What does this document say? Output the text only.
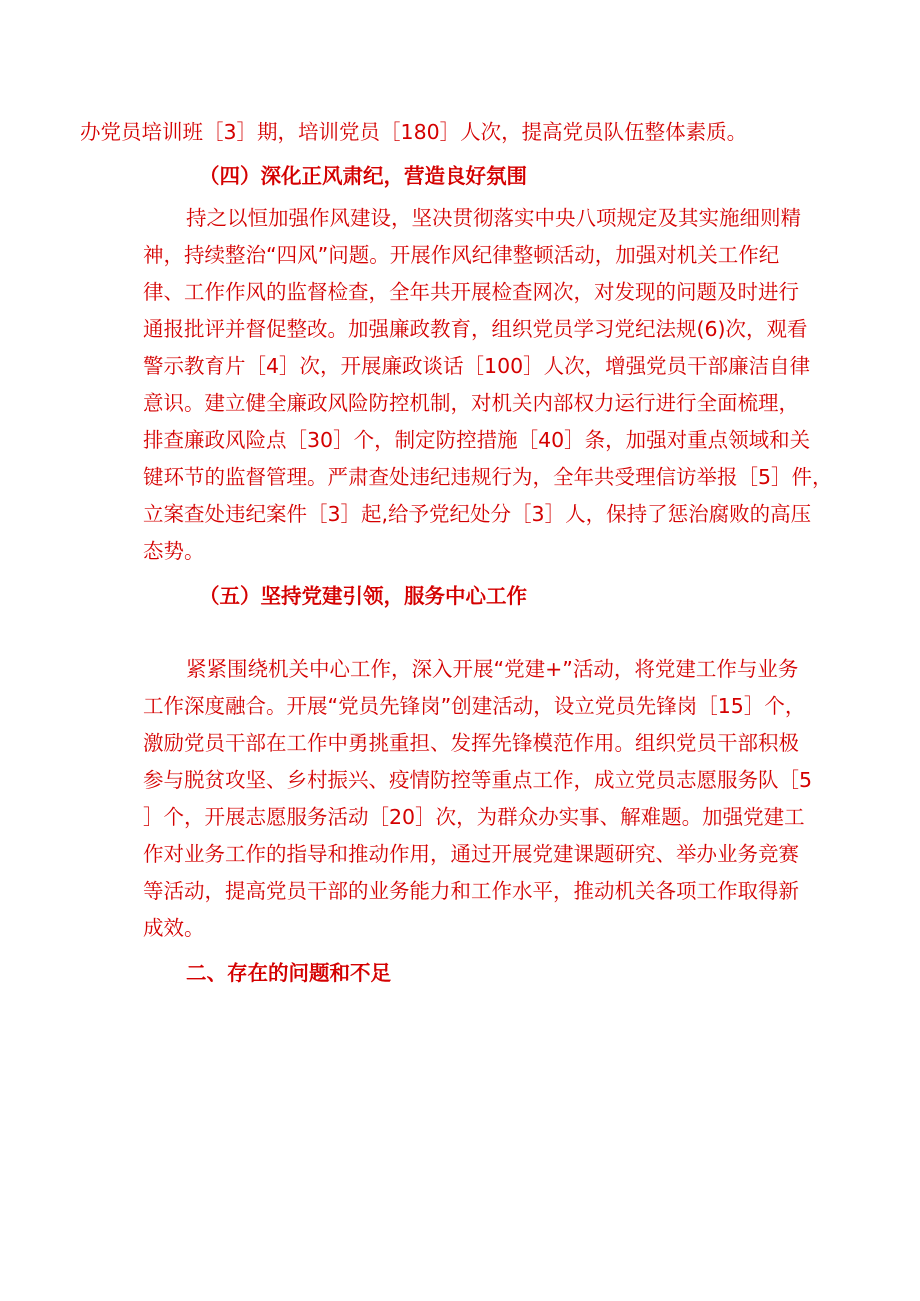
办党员培训班［3］期，培训党员［180］人次，提高党员队伍整体素质。
（四）深化正风肃纪，营造良好氛围
持之以恒加强作风建设，坚决贯彻落实中央八项规定及其实施细则精
神，持续整治“四风”问题。开展作风纪律整顿活动，加强对机关工作纪
律、工作作风的监督检查，全年共开展检查网次，对发现的问题及时进行
通报批评并督促整改。加强廉政教育，组织党员学习党纪法规(6)次，观看
警示教育片［4］次，开展廉政谈话［100］人次，增强党员干部廉洁自律
意识。建立健全廉政风险防控机制，对机关内部权力运行进行全面梳理，
排查廉政风险点［30］个，制定防控措施［40］条，加强对重点领域和关
键环节的监督管理。严肃查处违纪违规行为，全年共受理信访举报［5］件，
立案查处违纪案件［3］起,给予党纪处分［3］人，保持了惩治腐败的高压
态势。
（五）坚持党建引领，服务中心工作
紧紧围绕机关中心工作，深入开展“党建+”活动，将党建工作与业务
工作深度融合。开展“党员先锋岗”创建活动，设立党员先锋岗［15］个，
激励党员干部在工作中勇挑重担、发挥先锋模范作用。组织党员干部积极
参与脱贫攻坚、乡村振兴、疫情防控等重点工作，成立党员志愿服务队［5
］个，开展志愿服务活动［20］次，为群众办实事、解难题。加强党建工
作对业务工作的指导和推动作用，通过开展党建课题研究、举办业务竞赛
等活动，提高党员干部的业务能力和工作水平，推动机关各项工作取得新
成效。
二、存在的问题和不足
